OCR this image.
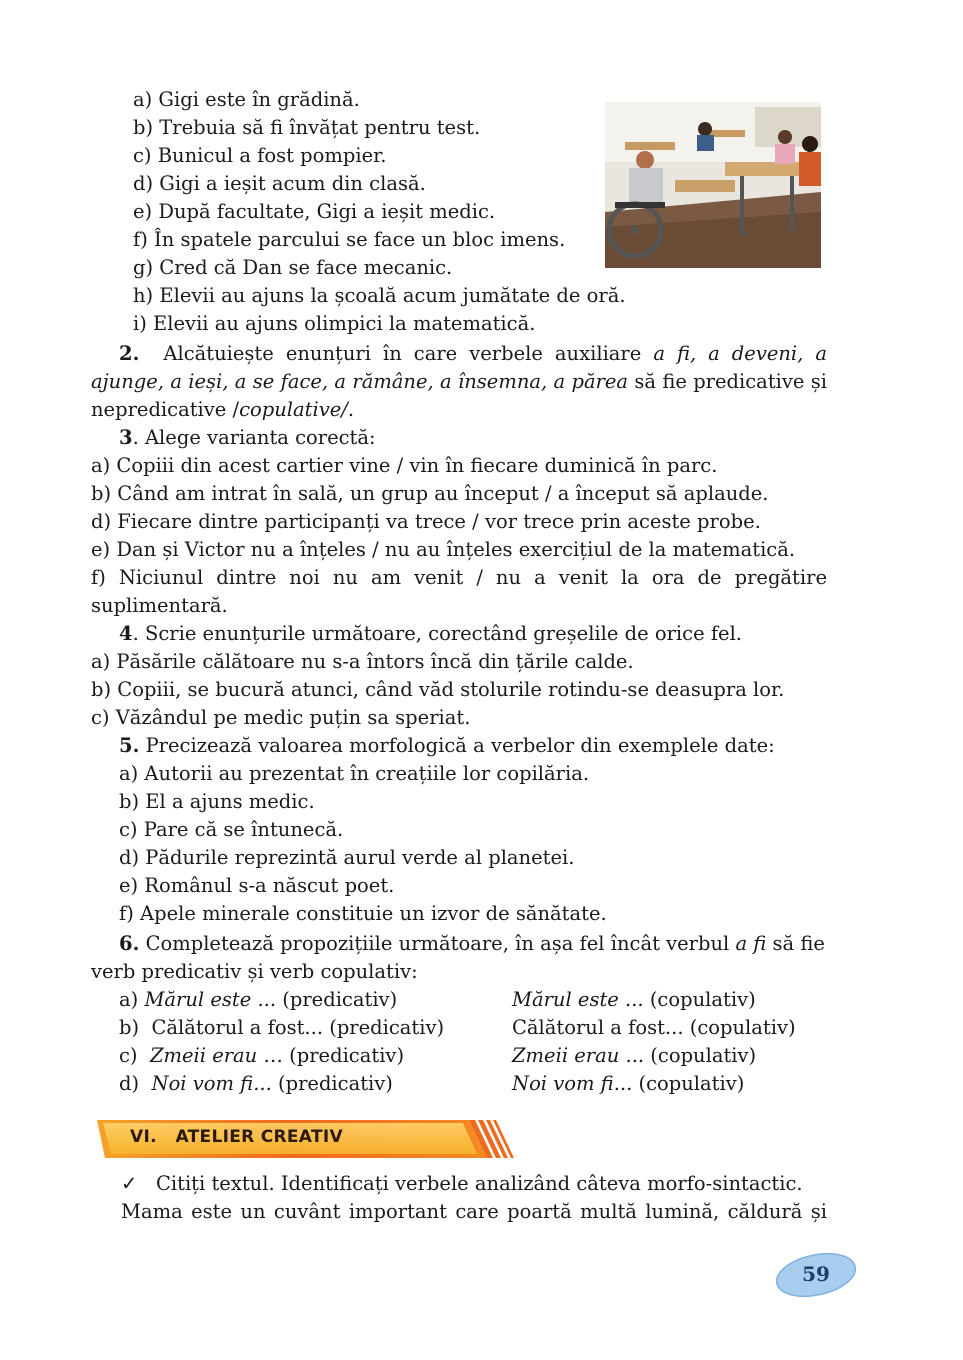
a) Gigi este în grădină.
b) Trebuia să fi învățat pentru test.
c) Bunicul a fost pompier.
d) Gigi a ieșit acum din clasă.
e) După facultate, Gigi a ieșit medic.
f) În spatele parcului se face un bloc imens.
g) Cred că Dan se face mecanic.
h) Elevii au ajuns la școală acum jumătate de oră.
i) Elevii au ajuns olimpici la matematică.
2. Alcătuiește enunțuri în care verbele auxiliare a fi, a deveni, a
ajunge, a ieși, a se face, a rămâne, a însemna, a părea să fie predicative și
nepredicative /copulative/.
3. Alege varianta corectă:
a) Copiii din acest cartier vine / vin în fiecare duminică în parc.
b) Când am intrat în sală, un grup au început / a început să aplaude.
d) Fiecare dintre participanți va trece / vor trece prin aceste probe.
e) Dan și Victor nu a înțeles / nu au înțeles exercițiul de la matematică.
f) Niciunul dintre noi nu am venit / nu a venit la ora de pregătire
suplimentară.
4. Scrie enunțurile următoare, corectând greșelile de orice fel.
a) Păsările călătoare nu s-a întors încă din țările calde.
b) Copiii, se bucură atunci, când văd stolurile rotindu-se deasupra lor.
c) Văzândul pe medic puțin sa speriat.
5. Precizează valoarea morfologică a verbelor din exemplele date:
a) Autorii au prezentat în creațiile lor copilăria.
b) El a ajuns medic.
c) Pare că se întunecă.
d) Pădurile reprezintă aurul verde al planetei.
e) Românul s-a născut poet.
f) Apele minerale constituie un izvor de sănătate.
6. Completează propozițiile următoare, în așa fel încât verbul a fi să fie
verb predicativ și verb copulativ:
a) Mărul este ... (predicativ)	Mărul este ... (copulativ)
b) Călătorul a fost... (predicativ)	Călătorul a fost... (copulativ)
c) Zmeii erau … (predicativ)	Zmeii erau ... (copulativ)
d) Noi vom fi... (predicativ)	Noi vom fi... (copulativ)
VI. ATELIER CREATIV
✓ Citiți textul. Identificați verbele analizând câteva morfo-sintactic.
Mama este un cuvânt important care poartă multă lumină, căldură și
59
